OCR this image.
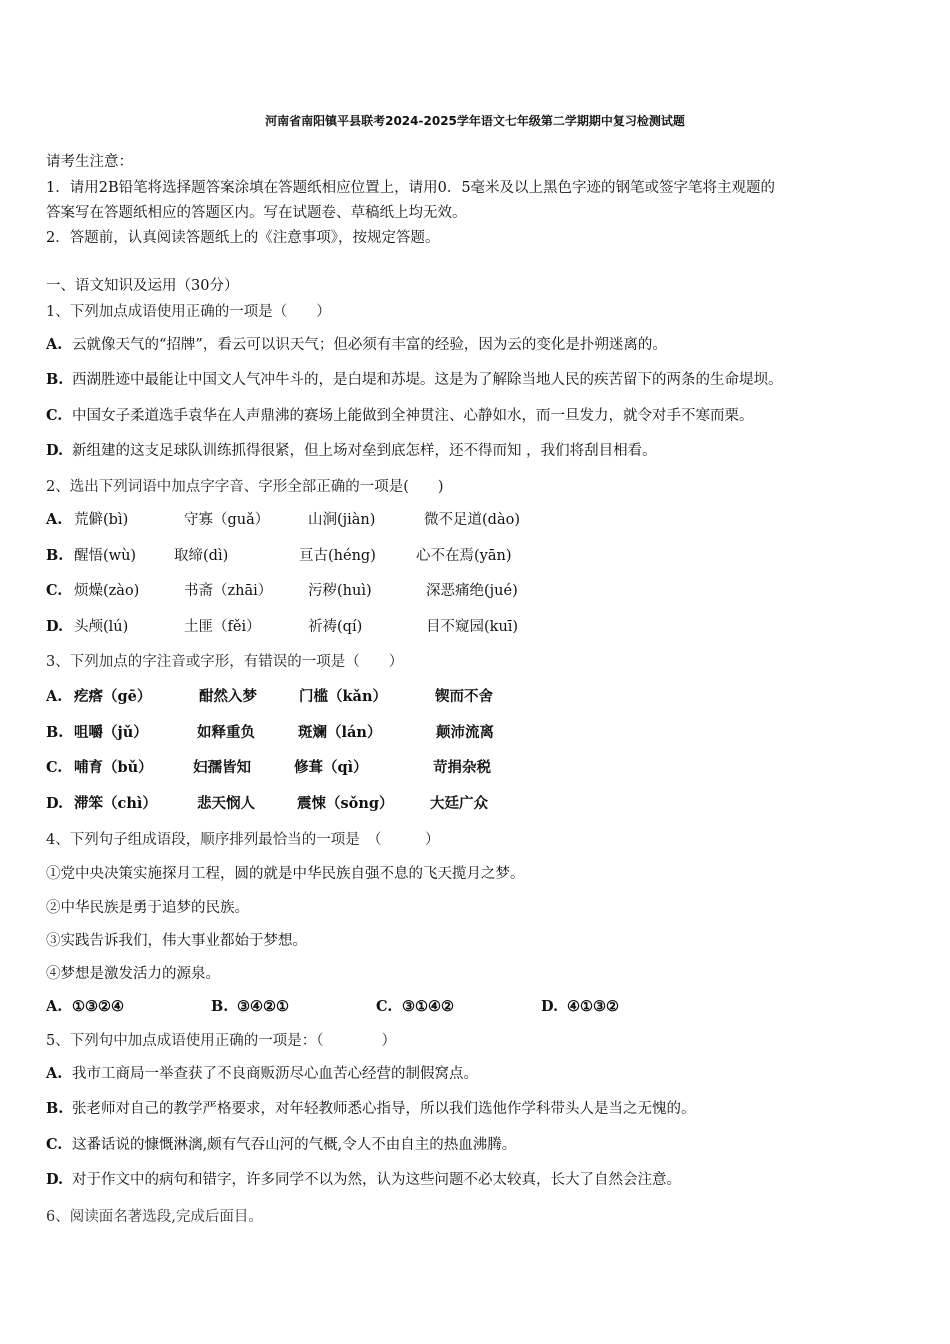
河南省南阳镇平县联考2024-2025学年语文七年级第二学期期中复习检测试题
请考生注意：
1．请用2B铅笔将选择题答案涂填在答题纸相应位置上，请用0．5毫米及以上黑色字迹的钢笔或签字笔将主观题的
答案写在答题纸相应的答题区内。写在试题卷、草稿纸上均无效。
2．答题前，认真阅读答题纸上的《注意事项》，按规定答题。
一、语文知识及运用（30分）
1、下列加点成语使用正确的一项是（　　）
A. 云就像天气的“招牌”，看云可以识天气；但必须有丰富的经验，因为云的变化是扑朔迷离的。
B. 西湖胜迹中最能让中国文人气冲牛斗的，是白堤和苏堤。这是为了解除当地人民的疾苦留下的两条的生命堤坝。
C. 中国女子柔道选手袁华在人声鼎沸的赛场上能做到全神贯注、心静如水，而一旦发力，就令对手不寒而栗。
D. 新组建的这支足球队训练抓得很紧，但上场对垒到底怎样，还不得而知 ，我们将刮目相看。
2、选出下列词语中加点字字音、字形全部正确的一项是(　　)
A. 荒僻(bì)	守寡（guǎ）	山涧(jiàn)	微不足道(dào)
B. 醒悟(wù)	取缔(dì)	亘古(héng)	心不在焉(yān)
C. 烦燥(zào)	书斋（zhāi） 污秽(huì)	深恶痛绝(jué)
D. 头颅(lú)	土匪（fěi）	祈祷(qí)	目不窥园(kuī)
3、下列加点的字注音或字形，有错误的一项是（　　）
A. 疙瘩（gē）	酣然入梦	门槛（kǎn）	锲而不舍
B. 咀嚼（jǔ）	如释重负	斑斓（lán）	颠沛流离
C. 哺育（bǔ）	妇孺皆知	修葺（qì）	苛捐杂税
D. 滞笨（chì）	悲天悯人	震悚（sǒng）	大廷广众
4、下列句子组成语段，顺序排列最恰当的一项是　（　　　）
①党中央决策实施探月工程，圆的就是中华民族自强不息的飞天揽月之梦。
②中华民族是勇于追梦的民族。
③实践告诉我们，伟大事业都始于梦想。
④梦想是激发活力的源泉。
A. ①③②④	B. ③④②①	C. ③①④②	D. ④①③②
5、下列句中加点成语使用正确的一项是：（　　　　）
A. 我市工商局一举查获了不良商贩沥尽心血苦心经营的制假窝点。
B. 张老师对自己的教学严格要求，对年轻教师悉心指导，所以我们选他作学科带头人是当之无愧的。
C. 这番话说的慷慨淋漓,颇有气吞山河的气概,令人不由自主的热血沸腾。
D. 对于作文中的病句和错字，许多同学不以为然，认为这些问题不必太较真，长大了自然会注意。
6、阅读面名著选段,完成后面目。
